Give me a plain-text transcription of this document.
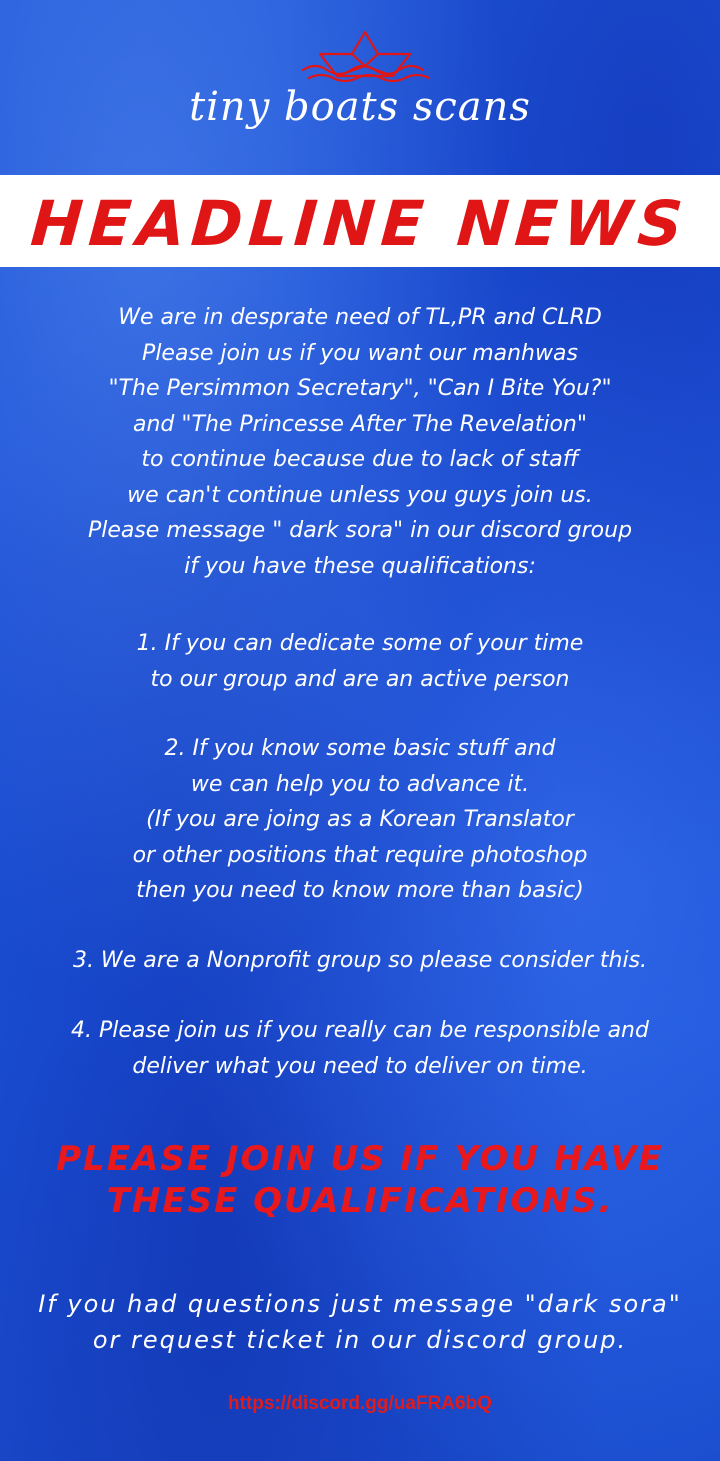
tiny boats scans
HEADLINE NEWS
We are in desprate need of TL,PR and CLRD
Please join us if you want our manhwas
"The Persimmon Secretary", "Can I Bite You?"
and "The Princesse After The Revelation"
to continue because due to lack of staff
we can't continue unless you guys join us.
Please message " dark sora" in our discord group
if you have these qualifications:
1. If you can dedicate some of your time
to our group and are an active person
2. If you know some basic stuff and
we can help you to advance it.
(If you are joing as a Korean Translator
or other positions that require photoshop
then you need to know more than basic)
3. We are a Nonprofit group so please consider this.
4. Please join us if you really can be responsible and
deliver what you need to deliver on time.
PLEASE JOIN US IF YOU HAVE
THESE QUALIFICATIONS.
If you had questions just message "dark sora"
or request ticket in our discord group.
https://discord.gg/uaFRA6bQ
